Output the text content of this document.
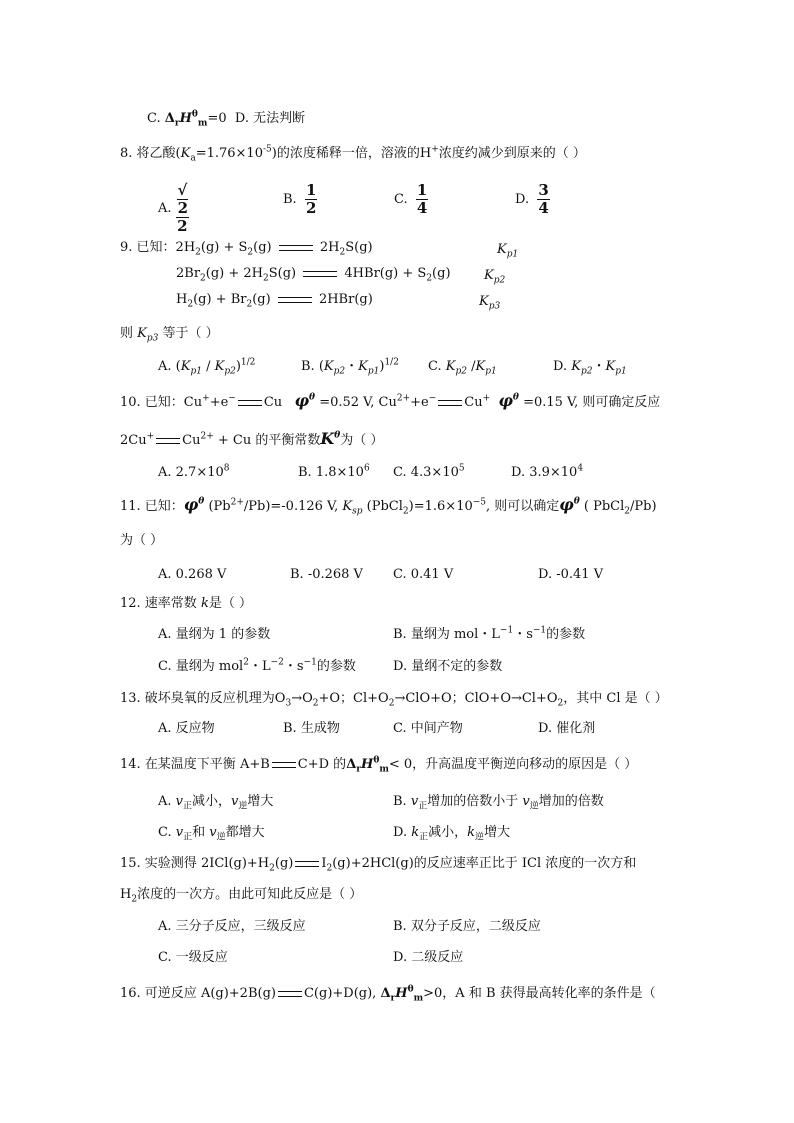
C. $\Delta_rH^\theta_m=0$ D. 无法判断
8. 将乙酸$(K_a=1.76\times 10^{-5})$的浓度稀释一倍，溶液的H+浓度约减少到原来的（ ）
A. √
2
2	B. $\frac{1}{2}$	C. $\frac{1}{4}$	D. $\frac{3}{4}$
9. 已知：$2H_2(g) + S_2(g)$	$2H_2S(g)$	$K_{p1}$
$2Br_2(g) + 2H_2S(g)$	$4HBr(g) + S_2(g)$	$K_{p2}$
$H_2(g) + Br_2(g)$	2HBr(g)	$K_{p3}$
则 $K_{p3}$ 等于（ ）
A. $(K_{p1} / K_{p2})^{1/2}$	B. ($K_{p2}$・$K_{p1})^{1/2}$ C. $K_{p2}$ $/K_{p1}$	D. $K_{p2}$・$K_{p1}$
10. 已知：Cu++e− Cu $\varphi^\theta =0.52$ V, $Cu^{2+}+e^-$ Cu+ $\varphi^\theta =0.15$ V, 则可确定反应
2Cu+ $Cu^{2+} + Cu$ 的平衡常数$K^\theta$为（ ）
A. $2.7\times 10^8$	B. $1.8\times 10^6$ C. $4.3\times 10^5$	D. $3.9\times 10^4$
11. 已知：$\varphi^\theta$ $(Pb^{2+}/Pb)=-0.126$ V, $K_{sp}$ $(PbCl_2)=1.6\times 10^{-5}$, 则可以确定$\varphi^\theta$ ( PbCl$_2$/Pb)
为（ ）
A. 0.268 V	B. -0.268 V C. 0.41 V	D. -0.41 V
12. 速率常数 k是（ ）
A. 量纲为 1 的参数	B. 量纲为 mol・$L^{-1}$・$s^{-1}$的参数
C. 量纲为 mol$^2$・$L^{-2}$・$s^{-1}$的参数	D. 量纲不定的参数
13. 破坏臭氧的反应机理为$O_3\to O_2+O$；$Cl+O_2\to ClO+O$；$ClO+O\to Cl+O_2$，其中 Cl 是（ ）
A. 反应物	B. 生成物	C. 中间产物	D. 催化剂
14. 在某温度下平衡 A+B C+D 的$\Delta_rH^\theta_m< 0$，升高温度平衡逆向移动的原因是（ ）
A. $v_正$减小，$v_逆$增大	B. $v_正$增加的倍数小于 $v_逆$增加的倍数
C. $v_正$和 $v_逆$都增大	D. $k_正$减小，$k_逆$增大
15. 实验测得 $2ICl(g)+H_2(g)$ $I_2(g)+2HCl(g)$的反应速率正比于 ICl 浓度的一次方和
$H_2$浓度的一次方。由此可知此反应是（ ）
A. 三分子反应，三级反应	B. 双分子反应，二级反应
C. 一级反应	D. 二级反应
16. 可逆反应 A(g)+2B(g) C(g)+D(g), $\Delta_rH^\theta_m>0$，A 和 B 获得最高转化率的条件是（
